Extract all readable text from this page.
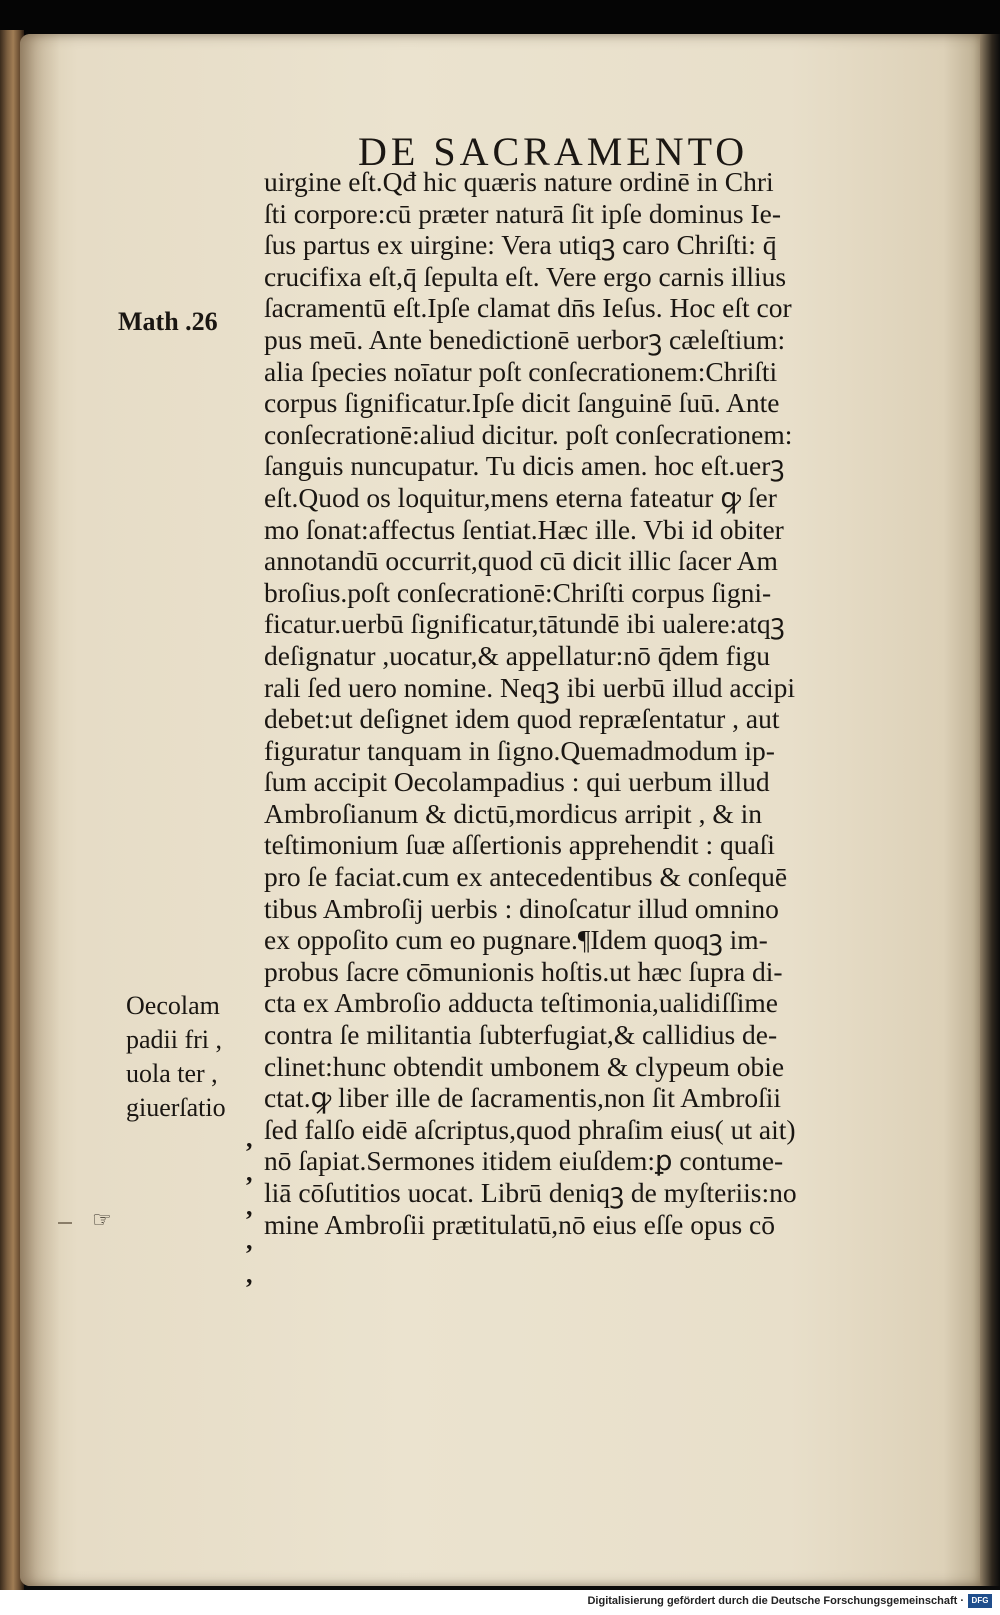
DE SACRAMENTO
uirgine eſt.Qđ hic quæris nature ordinē in Chri
ſti corpore:cū præter naturā ſit ipſe dominus Ie-
ſus partus ex uirgine: Vera utiqꝫ caro Chriſti: q̄
crucifixa eſt,q̄ ſepulta eſt. Vere ergo carnis illius
ſacramentū eſt.Ipſe clamat dn̄s Ieſus. Hoc eſt cor
pus meū. Ante benedictionē uerborꝫ cæleſtium:
alia ſpecies noīatur poſt conſecrationem:Chriſti
corpus ſignificatur.Ipſe dicit ſanguinē ſuū. Ante
conſecrationē:aliud dicitur. poſt conſecrationem:
ſanguis nuncupatur. Tu dicis amen. hoc eſt.uerꝫ
eſt.Quod os loquitur,mens eterna fateatur ꝙ ſer
mo ſonat:affectus ſentiat.Hæc ille. Vbi id obiter
annotandū occurrit,quod cū dicit illic ſacer Am
broſius.poſt conſecrationē:Chriſti corpus ſigni-
ficatur.uerbū ſignificatur,tātundē ibi ualere:atqꝫ
deſignatur ,uocatur,& appellatur:nō q̄dem figu
rali ſed uero nomine. Neqꝫ ibi uerbū illud accipi
debet:ut deſignet idem quod repræſentatur , aut
figuratur tanquam in ſigno.Quemadmodum ip-
ſum accipit Oecolampadius : qui uerbum illud
Ambroſianum & dictū,mordicus arripit , & in
teſtimonium ſuæ aſſertionis apprehendit : quaſi
pro ſe faciat.cum ex antecedentibus & conſequē
tibus Ambroſij uerbis : dinoſcatur illud omnino
ex oppoſito cum eo pugnare.¶Idem quoqꝫ im-
probus ſacre cōmunionis hoſtis.ut hæc ſupra di-
cta ex Ambroſio adducta teſtimonia,ualidiſſime
contra ſe militantia ſubterfugiat,& callidius de-
clinet:hunc obtendit umbonem & clypeum obie
ctat.ꝙ liber ille de ſacramentis,non ſit Ambroſii
ſed falſo eidē aſcriptus,quod phraſim eius( ut ait)
nō ſapiat.Sermones itidem eiuſdem:ꝑ contume-
liā cōſutitios uocat. Librū deniqꝫ de myſteriis:no
mine Ambroſii prætitulatū,nō eius eſſe opus cō
Math .26
Oecolam
padii fri ,
uola ter ,
giuerſatio
,
,
,
,
,
☞
Digitalisierung gefördert durch die Deutsche Forschungsgemeinschaft · DFG
